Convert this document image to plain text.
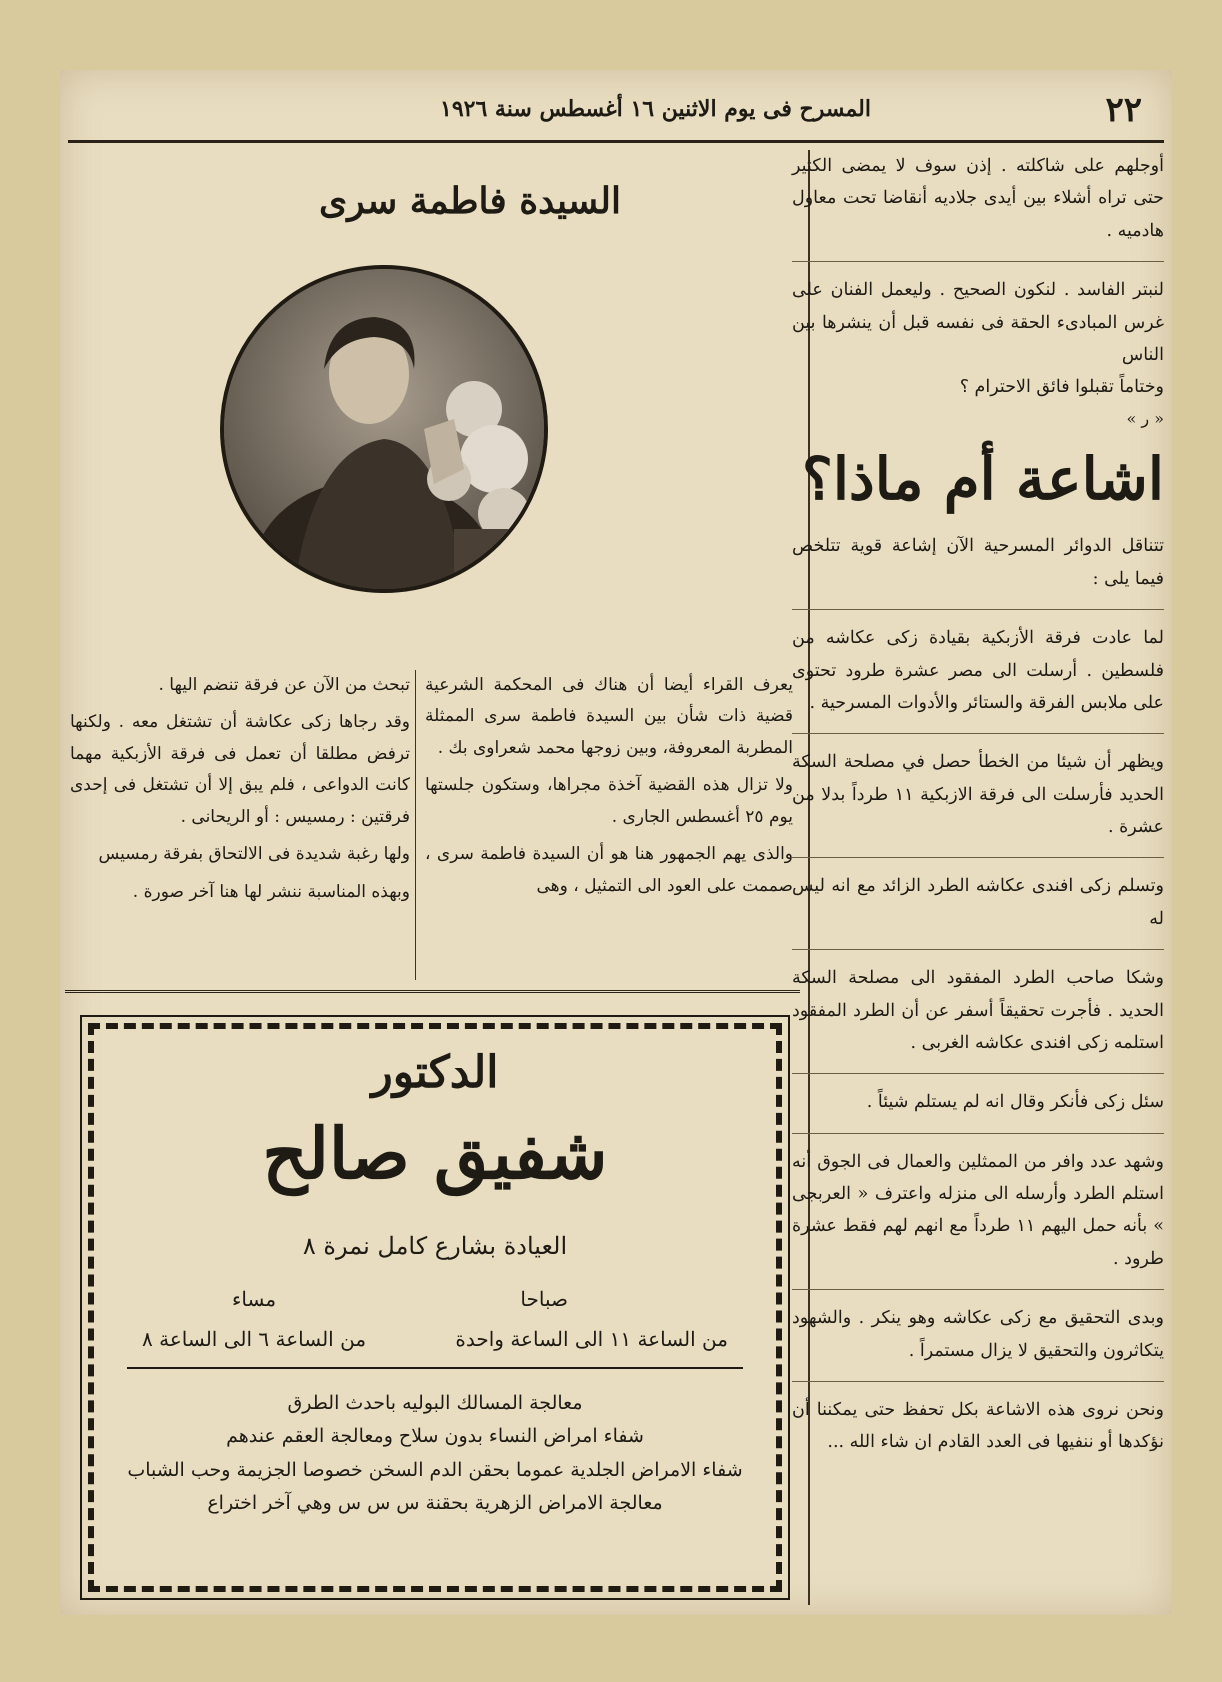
٢٢
المسرح فى يوم الاثنين ١٦ أغسطس سنة ١٩٢٦

أوجلهم على شاكلته . إذن سوف لا يمضى الكثير حتى تراه أشلاء بين أيدى جلاديه أنقاضا تحت معاول هادميه .

لنبتر الفاسد . لنكون الصحيح . وليعمل الفنان على غرس المبادىء الحقة فى نفسه قبل أن ينشرها بين الناس

وختاماً تقبلوا فائق الاحترام ؟

« ر »

اشاعة أم ماذا؟

تتناقل الدوائر المسرحية الآن إشاعة قوية تتلخص فيما يلى :

لما عادت فرقة الأزبكية بقيادة زكى عكاشه من فلسطين . أرسلت الى مصر عشرة طرود تحتوى على ملابس الفرقة والستائر والأدوات المسرحية .

ويظهر أن شيئا من الخطأ حصل في مصلحة السكة الحديد فأرسلت الى فرقة الازبكية ١١ طرداً بدلا من عشرة .

وتسلم زكى افندى عكاشه الطرد الزائد مع انه ليس له

وشكا صاحب الطرد المفقود الى مصلحة السكة الحديد . فأجرت تحقيقاً أسفر عن أن الطرد المفقود استلمه زكى افندى عكاشه الغربى .

سئل زكى فأنكر وقال انه لم يستلم شيئاً .

وشهد عدد وافر من الممثلين والعمال فى الجوق أنه استلم الطرد وأرسله الى منزله واعترف « العربجى » بأنه حمل اليهم ١١ طرداً مع انهم لهم فقط عشرة طرود .

وبدى التحقيق مع زكى عكاشه وهو ينكر . والشهود يتكاثرون والتحقيق لا يزال مستمراً .

ونحن نروى هذه الاشاعة بكل تحفظ حتى يمكننا أن نؤكدها أو ننفيها فى العدد القادم ان شاء الله ...

السيدة فاطمة سرى

يعرف القراء أيضا أن هناك فى المحكمة الشرعية قضية ذات شأن بين السيدة فاطمة سرى الممثلة المطربة المعروفة، وبين زوجها محمد شعراوى بك .

ولا تزال هذه القضية آخذة مجراها، وستكون جلستها يوم ٢٥ أغسطس الجارى .

والذى يهم الجمهور هنا هو أن السيدة فاطمة سرى ، صممت على العود الى التمثيل ، وهى

تبحث من الآن عن فرقة تنضم اليها .

وقد رجاها زكى عكاشة أن تشتغل معه . ولكنها ترفض مطلقا أن تعمل فى فرقة الأزبكية مهما كانت الدواعى ، فلم يبق إلا أن تشتغل فى إحدى فرقتين : رمسيس : أو الريحانى .

ولها رغبة شديدة فى الالتحاق بفرقة رمسيس

وبهذه المناسبة ننشر لها هنا آخر صورة .

الدكتور
شفيق صالح
العيادة بشارع كامل نمرة ٨
صباحا
مساء
من الساعة ١١ الى الساعة واحدة
من الساعة ٦ الى الساعة ٨
معالجة المسالك البوليه باحدث الطرق
شفاء امراض النساء بدون سلاح ومعالجة العقم عندهم
شفاء الامراض الجلدية عموما بحقن الدم السخن خصوصا الجزيمة وحب الشباب
معالجة الامراض الزهرية بحقنة س س س وهي آخر اختراع
